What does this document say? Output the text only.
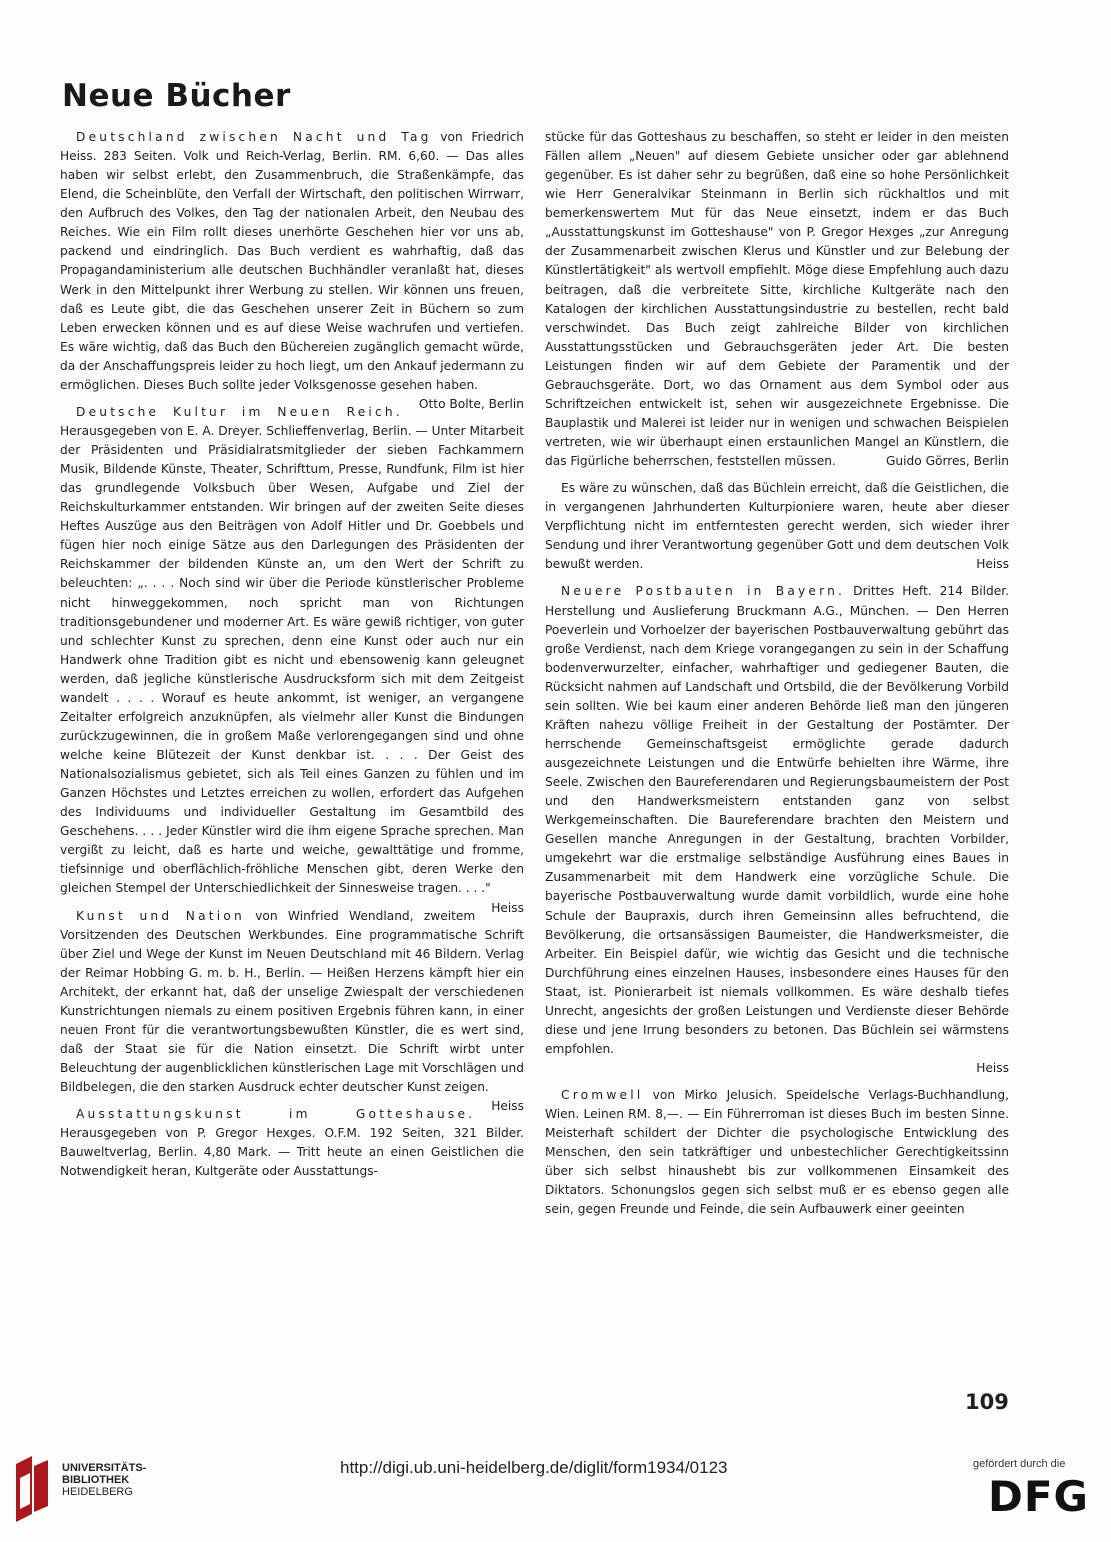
Neue Bücher

Deutschland zwischen Nacht und Tag von Friedrich Heiss. 283 Seiten. Volk und Reich-Verlag, Berlin. RM. 6,60. — Das alles haben wir selbst erlebt, den Zusammenbruch, die Straßenkämpfe, das Elend, die Scheinblüte, den Verfall der Wirtschaft, den politischen Wirrwarr, den Aufbruch des Volkes, den Tag der nationalen Arbeit, den Neubau des Reiches. Wie ein Film rollt dieses unerhörte Geschehen hier vor uns ab, packend und eindringlich. Das Buch verdient es wahrhaftig, daß das Propagandaministerium alle deutschen Buchhändler veranlaßt hat, dieses Werk in den Mittelpunkt ihrer Werbung zu stellen. Wir können uns freuen, daß es Leute gibt, die das Geschehen unserer Zeit in Büchern so zum Leben erwecken können und es auf diese Weise wachrufen und vertiefen. Es wäre wichtig, daß das Buch den Büchereien zugänglich gemacht würde, da der Anschaffungspreis leider zu hoch liegt, um den Ankauf jedermann zu ermöglichen. Dieses Buch sollte jeder Volksgenosse gesehen haben.
Otto Bolte, Berlin

Deutsche Kultur im Neuen Reich. Herausgegeben von E. A. Dreyer. Schlieffenverlag, Berlin. — Unter Mitarbeit der Präsidenten und Präsidialratsmitglieder der sieben Fachkammern Musik, Bildende Künste, Theater, Schrifttum, Presse, Rundfunk, Film ist hier das grundlegende Volksbuch über Wesen, Aufgabe und Ziel der Reichskulturkammer entstanden. Wir bringen auf der zweiten Seite dieses Heftes Auszüge aus den Beiträgen von Adolf Hitler und Dr. Goebbels und fügen hier noch einige Sätze aus den Darlegungen des Präsidenten der Reichskammer der bildenden Künste an, um den Wert der Schrift zu beleuchten: „. . . . Noch sind wir über die Periode künstlerischer Probleme nicht hinweggekommen, noch spricht man von Richtungen traditionsgebundener und moderner Art. Es wäre gewiß richtiger, von guter und schlechter Kunst zu sprechen, denn eine Kunst oder auch nur ein Handwerk ohne Tradition gibt es nicht und ebensowenig kann geleugnet werden, daß jegliche künstlerische Ausdrucksform sich mit dem Zeitgeist wandelt . . . . Worauf es heute ankommt, ist weniger, an vergangene Zeitalter erfolgreich anzuknüpfen, als vielmehr aller Kunst die Bindungen zurückzugewinnen, die in großem Maße verlorengegangen sind und ohne welche keine Blütezeit der Kunst denkbar ist. . . . Der Geist des Nationalsozialismus gebietet, sich als Teil eines Ganzen zu fühlen und im Ganzen Höchstes und Letztes erreichen zu wollen, erfordert das Aufgehen des Individuums und individueller Gestaltung im Gesamtbild des Geschehens. . . . Jeder Künstler wird die ihm eigene Sprache sprechen. Man vergißt zu leicht, daß es harte und weiche, gewalttätige und fromme, tiefsinnige und oberflächlich-fröhliche Menschen gibt, deren Werke den gleichen Stempel der Unterschiedlichkeit der Sinnesweise tragen. . . ."
Heiss

Kunst und Nation von Winfried Wendland, zweitem Vorsitzenden des Deutschen Werkbundes. Eine programmatische Schrift über Ziel und Wege der Kunst im Neuen Deutschland mit 46 Bildern. Verlag der Reimar Hobbing G. m. b. H., Berlin. — Heißen Herzens kämpft hier ein Architekt, der erkannt hat, daß der unselige Zwiespalt der verschiedenen Kunstrichtungen niemals zu einem positiven Ergebnis führen kann, in einer neuen Front für die verantwortungsbewußten Künstler, die es wert sind, daß der Staat sie für die Nation einsetzt. Die Schrift wirbt unter Beleuchtung der augenblicklichen künstlerischen Lage mit Vorschlägen und Bildbelegen, die den starken Ausdruck echter deutscher Kunst zeigen.
Heiss

Ausstattungskunst im Gotteshause. Herausgegeben von P. Gregor Hexges. O.F.M. 192 Seiten, 321 Bilder. Bauweltverlag, Berlin. 4,80 Mark. — Tritt heute an einen Geistlichen die Notwendigkeit heran, Kultgeräte oder Ausstattungs-

stücke für das Gotteshaus zu beschaffen, so steht er leider in den meisten Fällen allem „Neuen" auf diesem Gebiete unsicher oder gar ablehnend gegenüber. Es ist daher sehr zu begrüßen, daß eine so hohe Persönlichkeit wie Herr Generalvikar Steinmann in Berlin sich rückhaltlos und mit bemerkenswertem Mut für das Neue einsetzt, indem er das Buch „Ausstattungskunst im Gotteshause" von P. Gregor Hexges „zur Anregung der Zusammenarbeit zwischen Klerus und Künstler und zur Belebung der Künstlertätigkeit" als wertvoll empfiehlt. Möge diese Empfehlung auch dazu beitragen, daß die verbreitete Sitte, kirchliche Kultgeräte nach den Katalogen der kirchlichen Ausstattungsindustrie zu bestellen, recht bald verschwindet. Das Buch zeigt zahlreiche Bilder von kirchlichen Ausstattungsstücken und Gebrauchsgeräten jeder Art. Die besten Leistungen finden wir auf dem Gebiete der Paramentik und der Gebrauchsgeräte. Dort, wo das Ornament aus dem Symbol oder aus Schriftzeichen entwickelt ist, sehen wir ausgezeichnete Ergebnisse. Die Bauplastik und Malerei ist leider nur in wenigen und schwachen Beispielen vertreten, wie wir überhaupt einen erstaunlichen Mangel an Künstlern, die das Figürliche beherrschen, feststellen müssen.	Guido Görres, Berlin

Es wäre zu wünschen, daß das Büchlein erreicht, daß die Geistlichen, die in vergangenen Jahrhunderten Kulturpioniere waren, heute aber dieser Verpflichtung nicht im entferntesten gerecht werden, sich wieder ihrer Sendung und ihrer Verantwortung gegenüber Gott und dem deutschen Volk bewußt werden.	Heiss

Neuere Postbauten in Bayern. Drittes Heft. 214 Bilder. Herstellung und Auslieferung Bruckmann A.G., München. — Den Herren Poeverlein und Vorhoelzer der bayerischen Postbauverwaltung gebührt das große Verdienst, nach dem Kriege vorangegangen zu sein in der Schaffung bodenverwurzelter, einfacher, wahrhaftiger und gediegener Bauten, die Rücksicht nahmen auf Landschaft und Ortsbild, die der Bevölkerung Vorbild sein sollten. Wie bei kaum einer anderen Behörde ließ man den jüngeren Kräften nahezu völlige Freiheit in der Gestaltung der Postämter. Der herrschende Gemeinschaftsgeist ermöglichte gerade dadurch ausgezeichnete Leistungen und die Entwürfe behielten ihre Wärme, ihre Seele. Zwischen den Baureferendaren und Regierungsbaumeistern der Post und den Handwerksmeistern entstanden ganz von selbst Werkgemeinschaften. Die Baureferendare brachten den Meistern und Gesellen manche Anregungen in der Gestaltung, brachten Vorbilder, umgekehrt war die erstmalige selbständige Ausführung eines Baues in Zusammenarbeit mit dem Handwerk eine vorzügliche Schule. Die bayerische Postbauverwaltung wurde damit vorbildlich, wurde eine hohe Schule der Baupraxis, durch ihren Gemeinsinn alles befruchtend, die Bevölkerung, die ortsansässigen Baumeister, die Handwerksmeister, die Arbeiter. Ein Beispiel dafür, wie wichtig das Gesicht und die technische Durchführung eines einzelnen Hauses, insbesondere eines Hauses für den Staat, ist. Pionierarbeit ist niemals vollkommen. Es wäre deshalb tiefes Unrecht, angesichts der großen Leistungen und Verdienste dieser Behörde diese und jene Irrung besonders zu betonen. Das Büchlein sei wärmstens empfohlen.
Heiss

Cromwell von Mirko Jelusich. Speidelsche Verlags-Buchhandlung, Wien. Leinen RM. 8,—. — Ein Führerroman ist dieses Buch im besten Sinne. Meisterhaft schildert der Dichter die psychologische Entwicklung des Menschen, den sein tatkräftiger und unbestechlicher Gerechtigkeitssinn über sich selbst hinaushebt bis zur vollkommenen Einsamkeit des Diktators. Schonungslos gegen sich selbst muß er es ebenso gegen alle sein, gegen Freunde und Feinde, die sein Aufbauwerk einer geeinten

109
UNIVERSITÄTS-
BIBLIOTHEK
HEIDELBERG
http://digi.ub.uni-heidelberg.de/diglit/form1934/0123	gefördert durch die
DFG
